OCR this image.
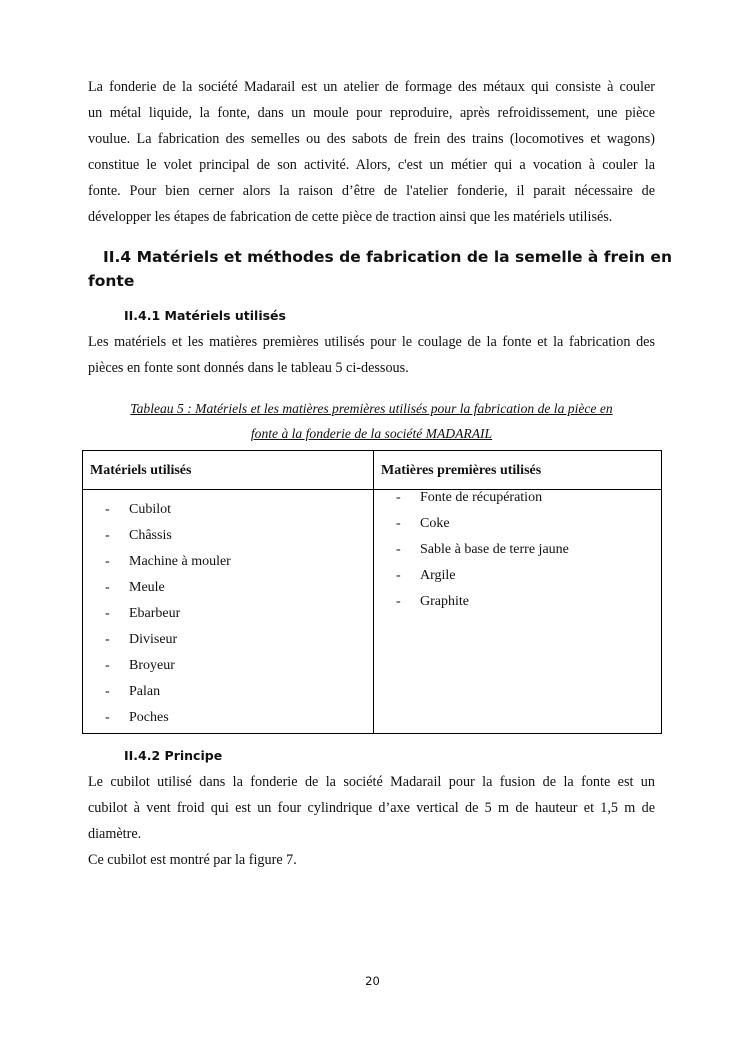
La fonderie de la société Madarail est un atelier de formage des métaux qui consiste à couler
un métal liquide, la fonte, dans un moule pour reproduire, après refroidissement, une pièce
voulue. La fabrication des semelles ou des sabots de frein des trains (locomotives et wagons)
constitue le volet principal de son activité. Alors, c'est un métier qui a vocation à couler la
fonte. Pour bien cerner alors la raison d’être de l'atelier fonderie, il parait nécessaire de
développer les étapes de fabrication de cette pièce de traction ainsi que les matériels utilisés.
II.4 Matériels et méthodes de fabrication de la semelle à frein en
fonte
II.4.1 Matériels utilisés
Les matériels et les matières premières utilisés pour le coulage de la fonte et la fabrication des
pièces en fonte sont donnés dans le tableau 5 ci-dessous.

Tableau 5 : Matériels et les matières premières utilisés pour la fabrication de la pièce en
fonte à la fonderie de la société MADARAIL

Matériels utilisés	Matières premières utilisés
- Cubilot
- Châssis
- Machine à mouler
- Meule
- Ebarbeur
- Diviseur
- Broyeur
- Palan
- Poches
- Fonte de récupération
- Coke
- Sable à base de terre jaune
- Argile
- Graphite
II.4.2 Principe
Le cubilot utilisé dans la fonderie de la société Madarail pour la fusion de la fonte est un
cubilot à vent froid qui est un four cylindrique d’axe vertical de 5 m de hauteur et 1,5 m de
diamètre.
Ce cubilot est montré par la figure 7.
20
